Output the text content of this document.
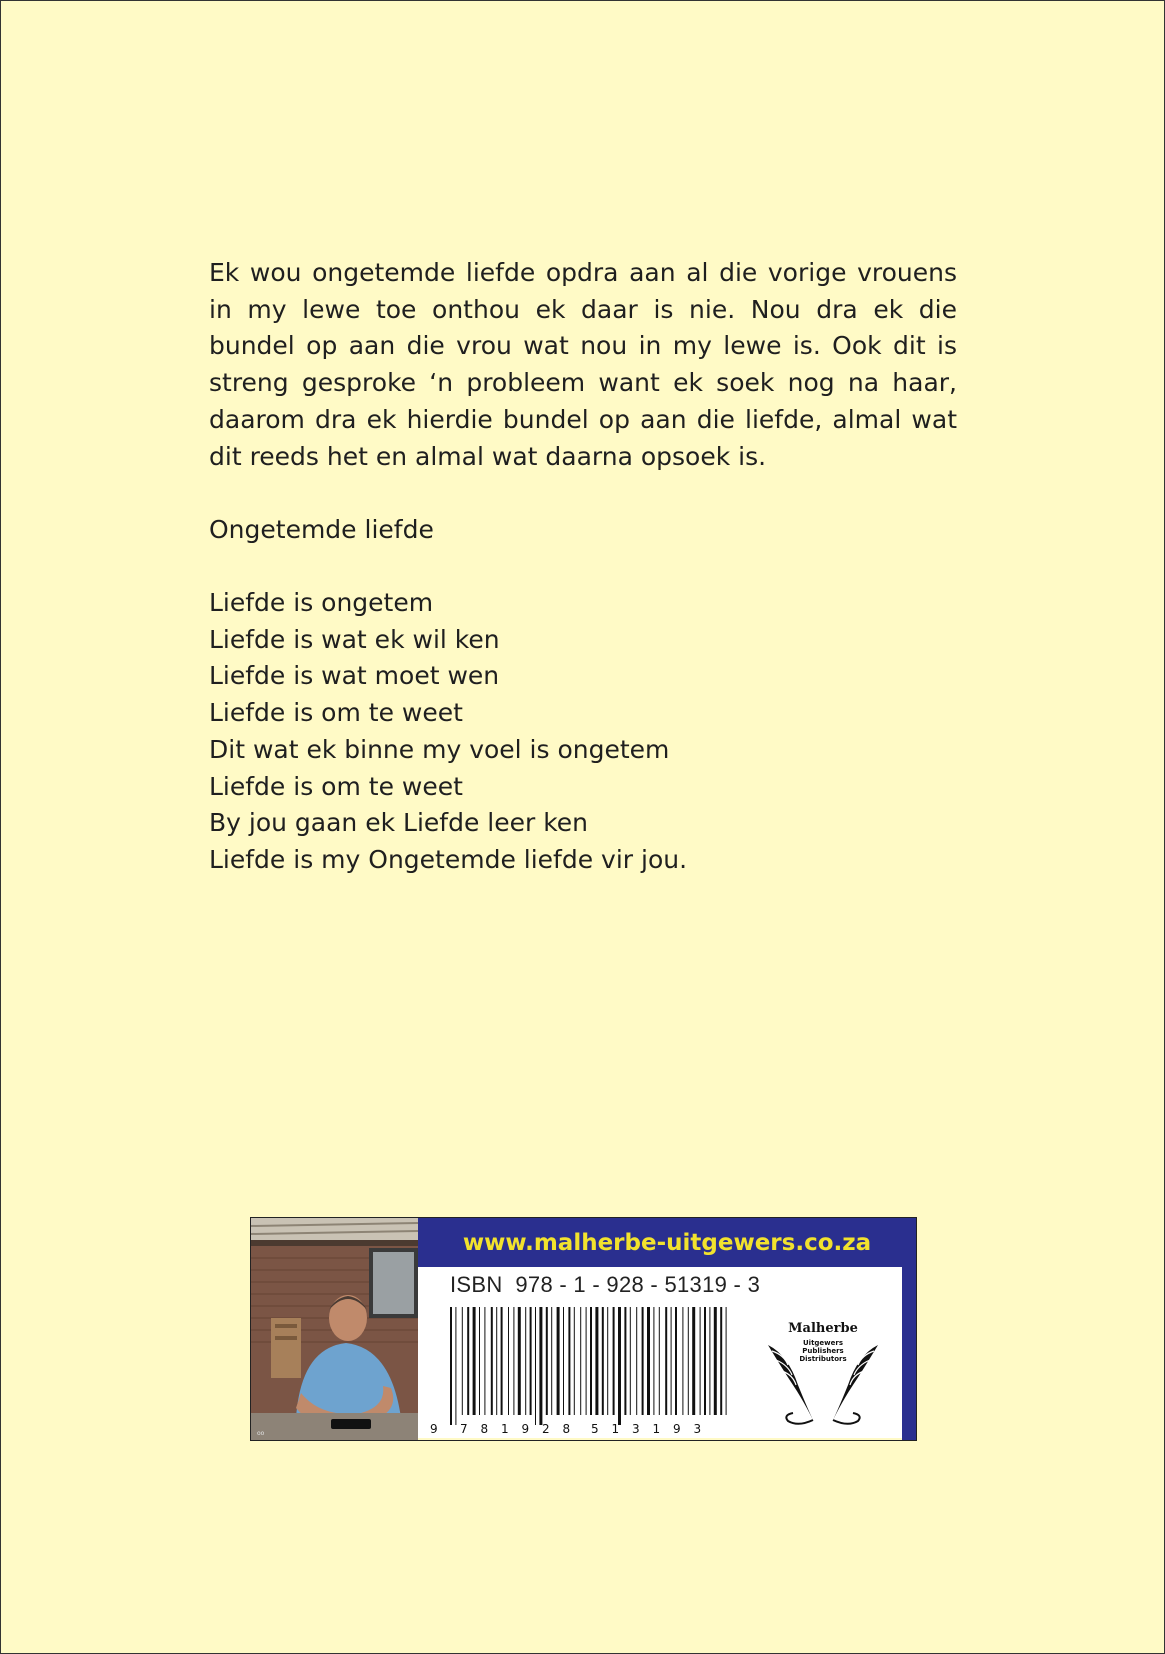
Ek wou ongetemde liefde opdra aan al die vorige vrouens in my lewe toe onthou ek daar is nie. Nou dra ek die bundel op aan die vrou wat nou in my lewe is. Ook dit is streng gesproke ‘n probleem want ek soek nog na haar, daarom dra ek hierdie bundel op aan die liefde, almal wat dit reeds het en almal wat daarna opsoek is.

Ongetemde liefde

Liefde is ongetem
Liefde is wat ek wil ken
Liefde is wat moet wen
Liefde is om te weet
Dit wat ek binne my voel is ongetem
Liefde is om te weet
By jou gaan ek Liefde leer ken
Liefde is my Ongetemde liefde vir jou.
oo
www.malherbe-uitgewers.co.za
ISBN  978 - 1 - 928 - 51319 - 3
9 7 8 1 9 2 8 5 1 3 1 9 3
Malherbe
Uitgewers
Publishers
Distributors
